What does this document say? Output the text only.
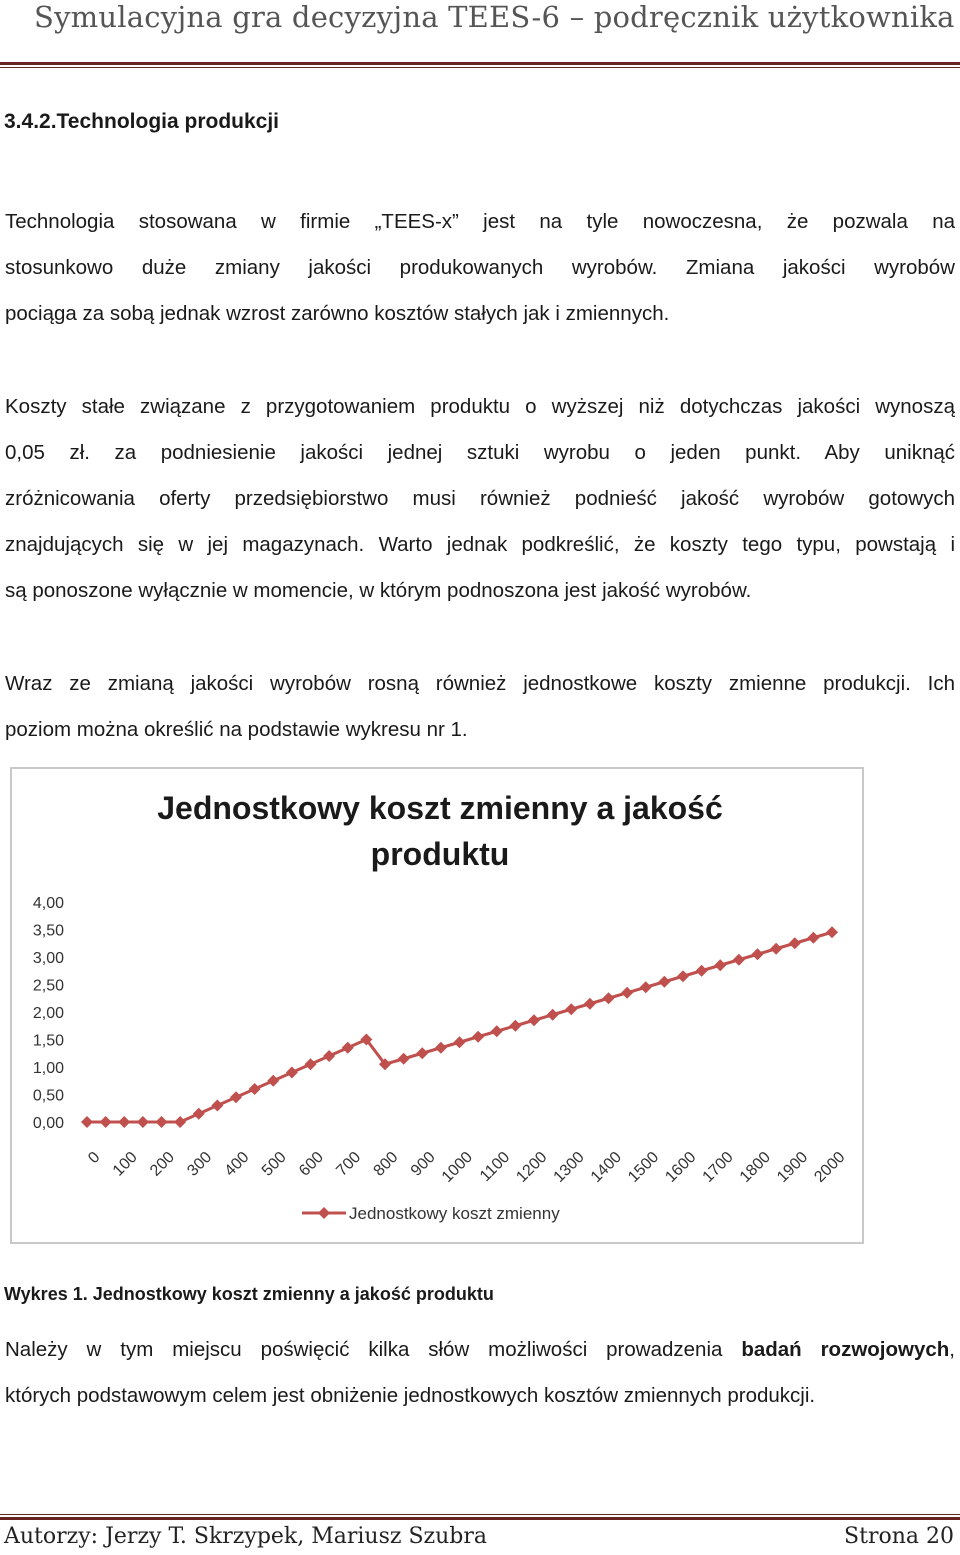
Symulacyjna gra decyzyjna TEES-6 – podręcznik użytkownika
3.4.2.Technologia produkcji
Technologia stosowana w firmie „TEES-x” jest na tyle nowoczesna, że pozwala na
stosunkowo duże zmiany jakości produkowanych wyrobów. Zmiana jakości wyrobów
pociąga za sobą jednak wzrost zarówno kosztów stałych jak i zmiennych.
Koszty stałe związane z przygotowaniem produktu o wyższej niż dotychczas jakości wynoszą
0,05 zł. za podniesienie jakości jednej sztuki wyrobu o jeden punkt. Aby uniknąć
zróżnicowania oferty przedsiębiorstwo musi również podnieść jakość wyrobów gotowych
znajdujących się w jej magazynach. Warto jednak podkreślić, że koszty tego typu, powstają i
są ponoszone wyłącznie w momencie, w którym podnoszona jest jakość wyrobów.
Wraz ze zmianą jakości wyrobów rosną również jednostkowe koszty zmienne produkcji. Ich
poziom można określić na podstawie wykresu nr 1.
Jednostkowy koszt zmienny a jakość
produktu
0,00
0,50
1,00
1,50
2,00
2,50
3,00
3,50
4,00
0 100 200 300 400 500 600 700 800 900 1000 1100 1200 1300 1400 1500 1600 1700 1800 1900 2000
Jednostkowy koszt zmienny
Wykres 1. Jednostkowy koszt zmienny a jakość produktu
Należy w tym miejscu poświęcić kilka słów możliwości prowadzenia badań rozwojowych,
których podstawowym celem jest obniżenie jednostkowych kosztów zmiennych produkcji.
Autorzy: Jerzy T. Skrzypek, Mariusz Szubra	Strona 20
